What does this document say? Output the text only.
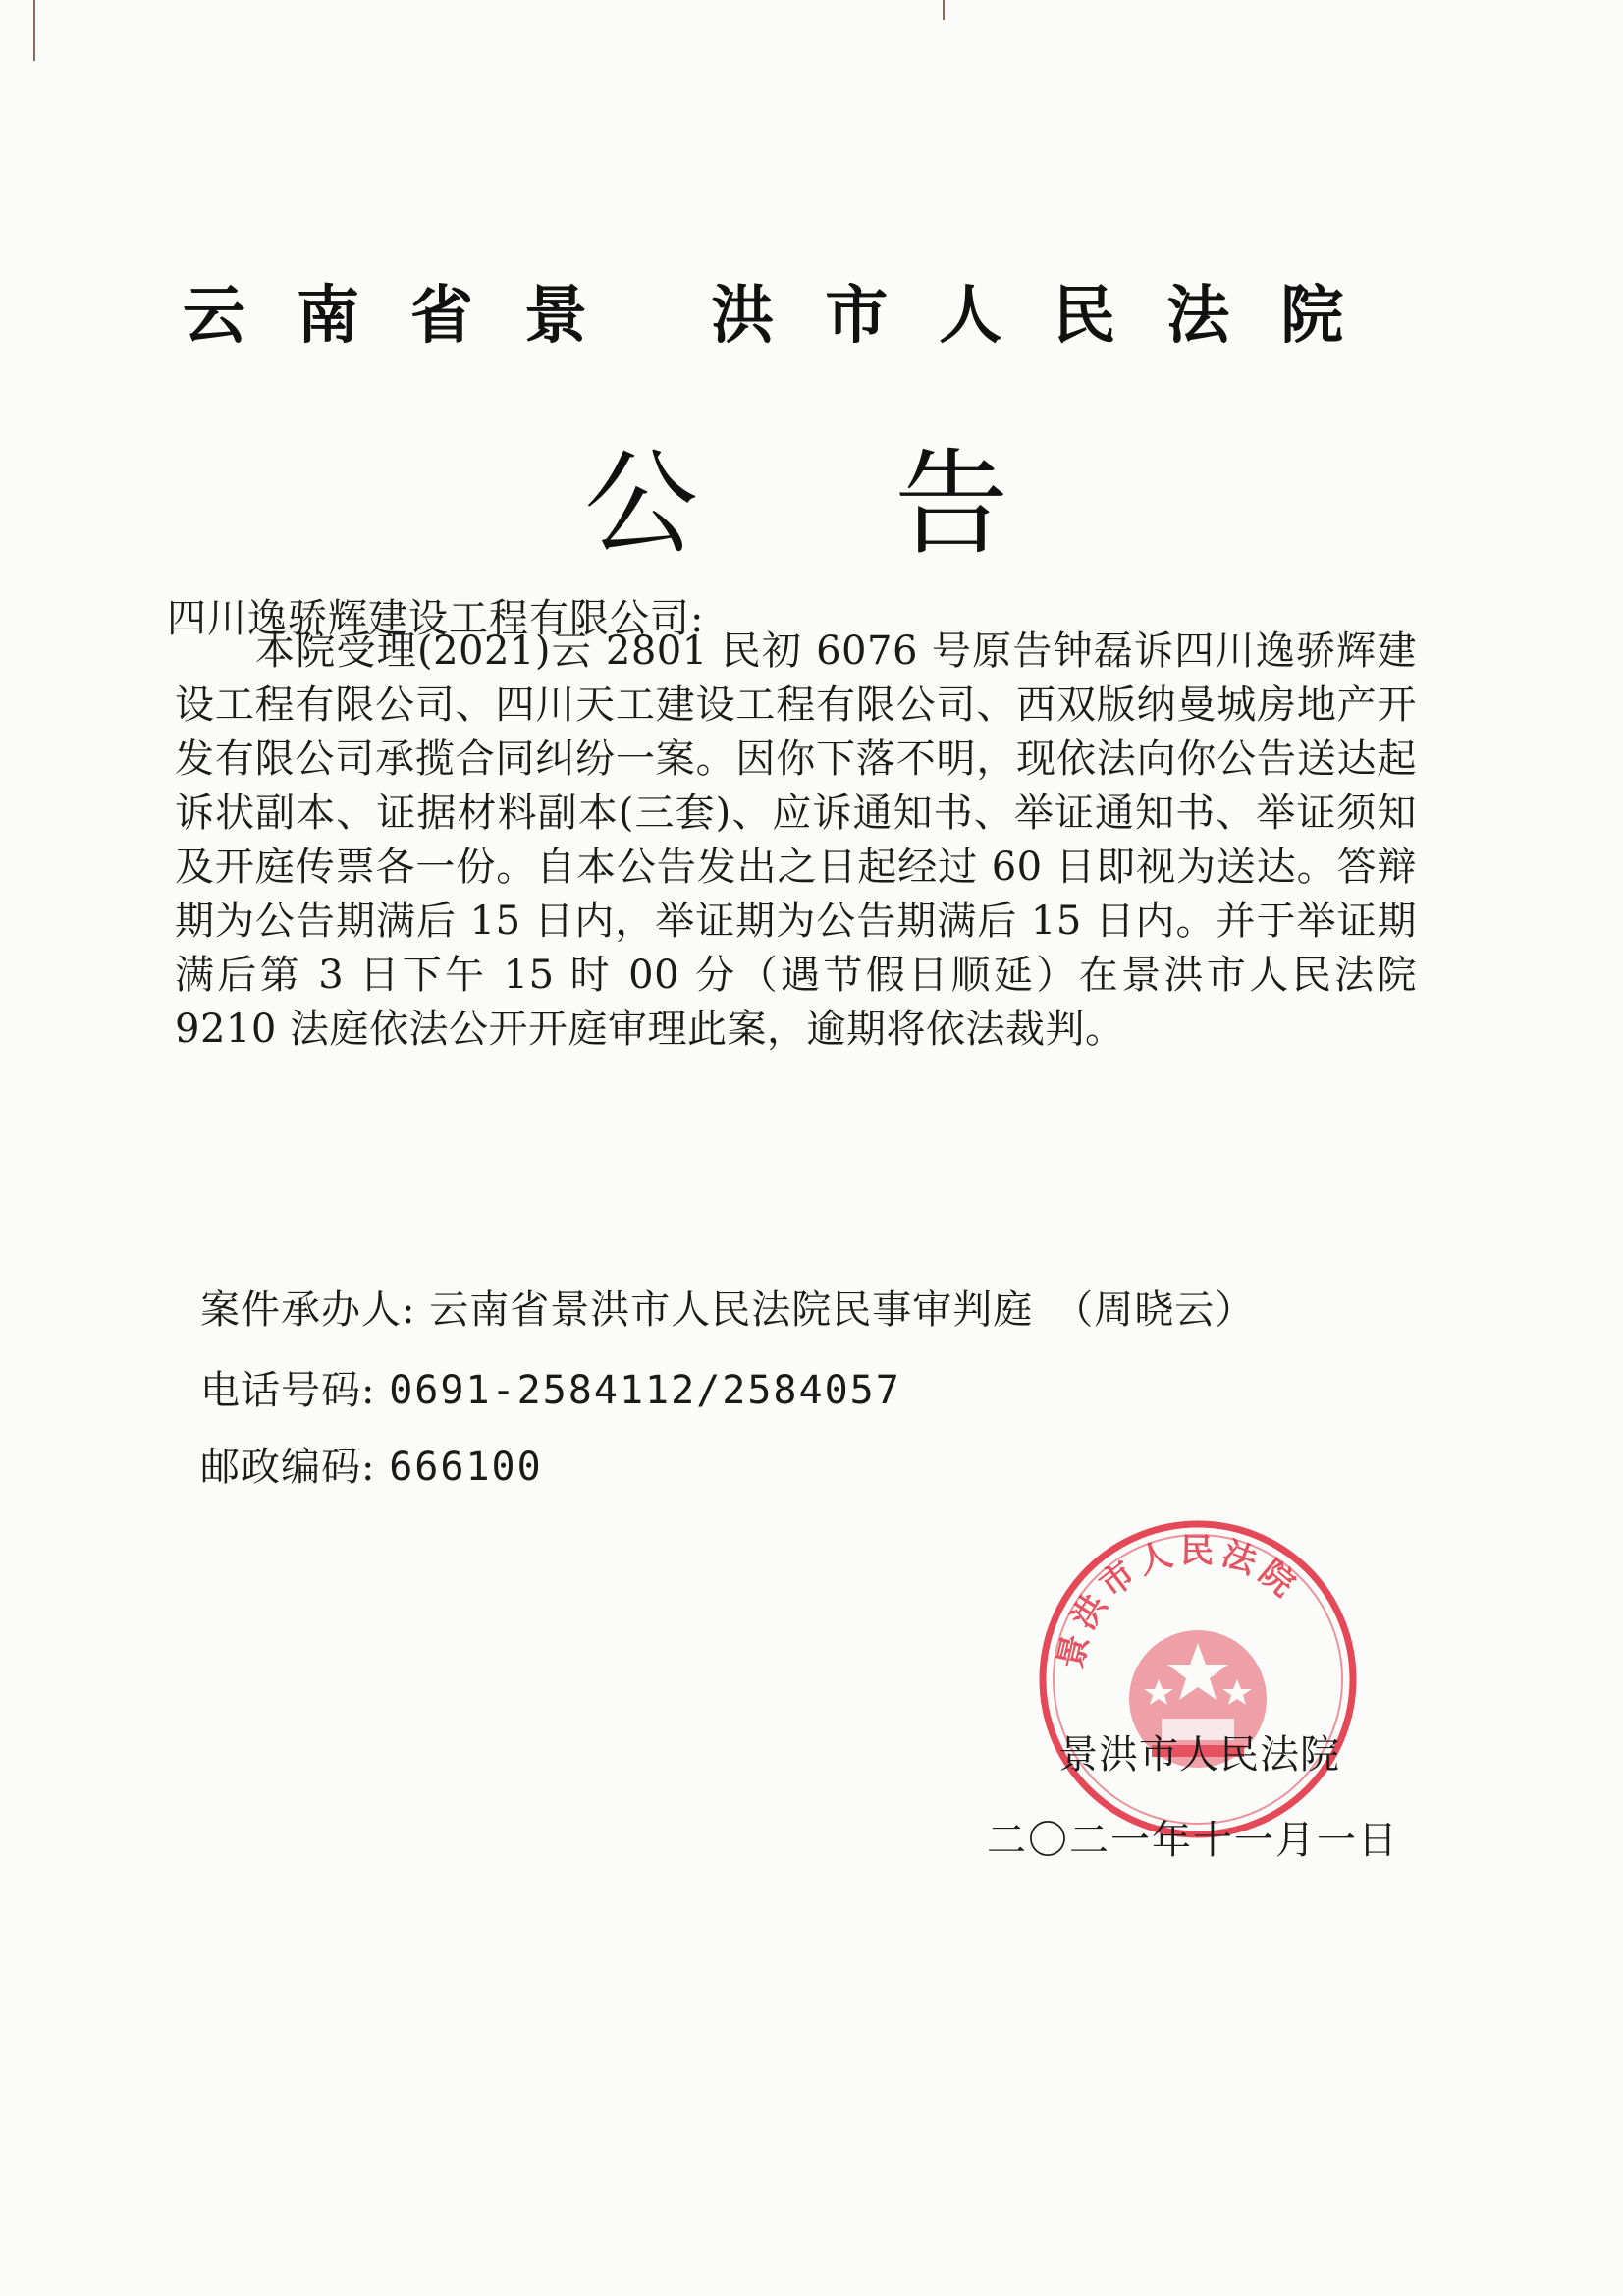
云南省景 洪市人民法院
公告
四川逸骄辉建设工程有限公司:

本院受理(2021)云 2801 民初 6076 号原告钟磊诉四川逸骄辉建设工程有限公司、四川天工建设工程有限公司、西双版纳曼城房地产开发有限公司承揽合同纠纷一案。因你下落不明，现依法向你公告送达起诉状副本、证据材料副本(三套)、应诉通知书、举证通知书、举证须知及开庭传票各一份。自本公告发出之日起经过 60 日即视为送达。答辩期为公告期满后 15 日内，举证期为公告期满后 15 日内。并于举证期满后第 3 日下午 15 时 00 分（遇节假日顺延）在景洪市人民法院 9210 法庭依法公开开庭审理此案，逾期将依法裁判。

案件承办人: 云南省景洪市人民法院民事审判庭　（周晓云）
电话号码: 0691-2584112/2584057
邮政编码: 666100
景洪市人民法院
景洪市人民法院
二〇二一年十一月一日
